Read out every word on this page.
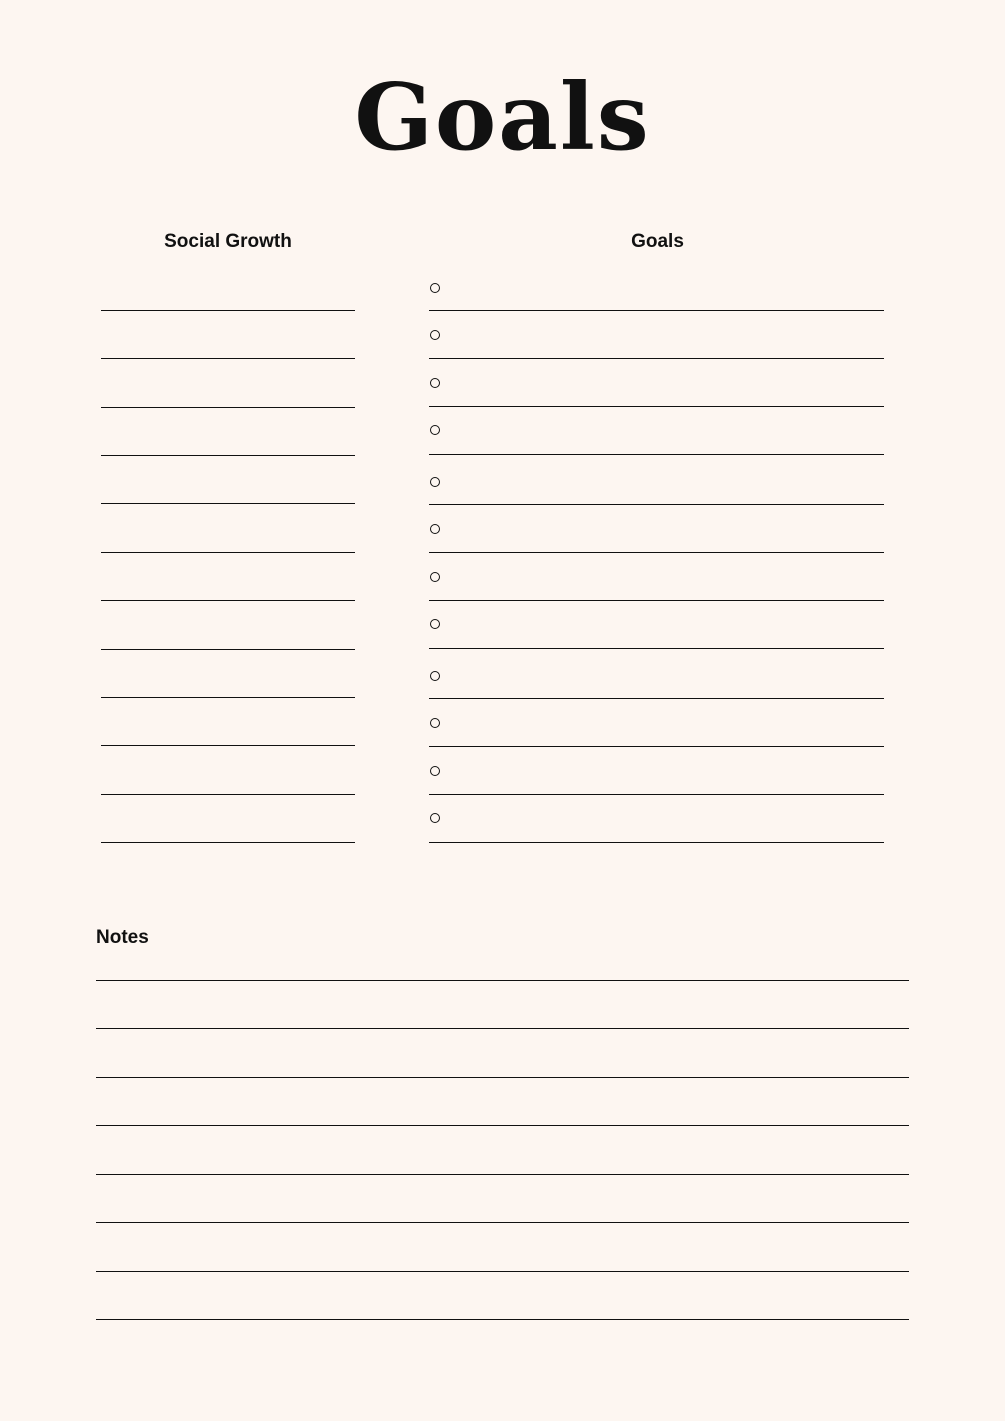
Goals
Social Growth	Goals
Notes
